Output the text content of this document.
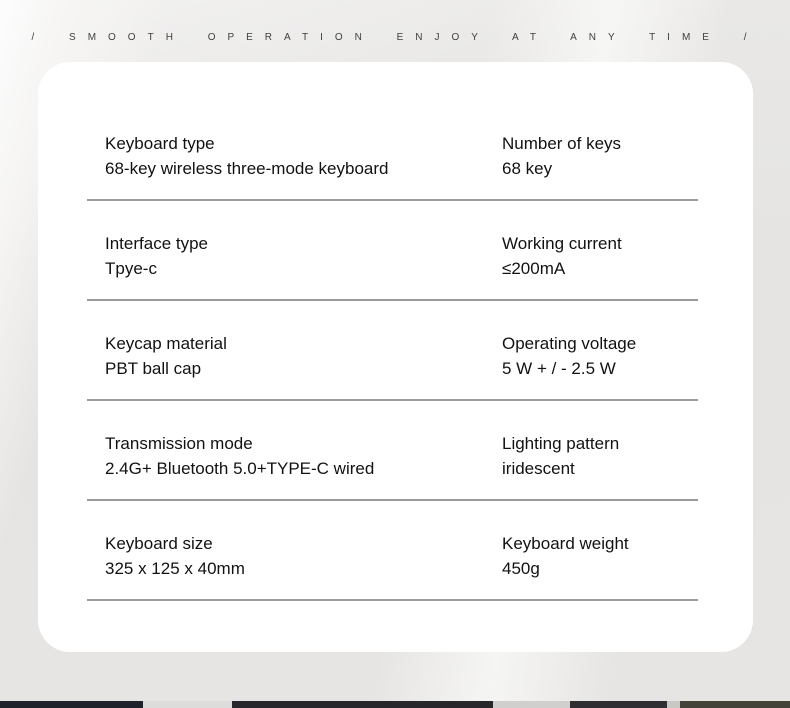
/ SMOOTH OPERATION ENJOY AT ANY TIME /
Keyboard type
68-key wireless three-mode keyboard
Number of keys
68 key
Interface type
Tpye-c
Working current
≤200mA
Keycap material
PBT ball cap
Operating voltage
5 W + / - 2.5 W
Transmission mode
2.4G+ Bluetooth 5.0+TYPE-C wired
Lighting pattern
iridescent
Keyboard size
325 x 125 x 40mm
Keyboard weight
450g
